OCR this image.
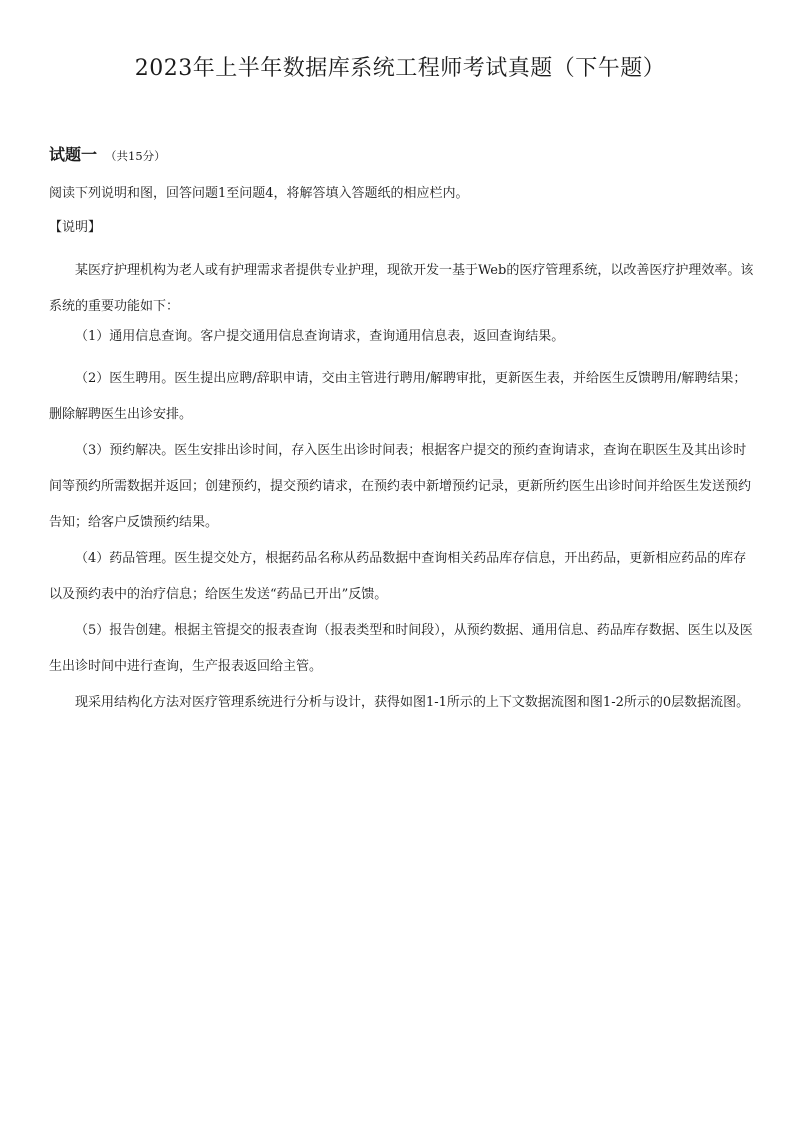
2023年上半年数据库系统工程师考试真题（下午题）
试题一 （共15分）

阅读下列说明和图，回答问题1至问题4，将解答填入答题纸的相应栏内。

【说明】

某医疗护理机构为老人或有护理需求者提供专业护理，现欲开发一基于Web的医疗管理系统，以改善医疗护理效率。该系统的重要功能如下：

（1）通用信息查询。客户提交通用信息查询请求，查询通用信息表，返回查询结果。

（2）医生聘用。医生提出应聘/辞职申请，交由主管进行聘用/解聘审批，更新医生表，并给医生反馈聘用/解聘结果；删除解聘医生出诊安排。

（3）预约解决。医生安排出诊时间，存入医生出诊时间表；根据客户提交的预约查询请求，查询在职医生及其出诊时间等预约所需数据并返回；创建预约，提交预约请求，在预约表中新增预约记录，更新所约医生出诊时间并给医生发送预约告知；给客户反馈预约结果。

（4）药品管理。医生提交处方，根据药品名称从药品数据中查询相关药品库存信息，开出药品，更新相应药品的库存以及预约表中的治疗信息；给医生发送“药品已开出”反馈。

（5）报告创建。根据主管提交的报表查询（报表类型和时间段），从预约数据、通用信息、药品库存数据、医生以及医生出诊时间中进行查询，生产报表返回给主管。

现采用结构化方法对医疗管理系统进行分析与设计，获得如图1-1所示的上下文数据流图和图1-2所示的0层数据流图。
